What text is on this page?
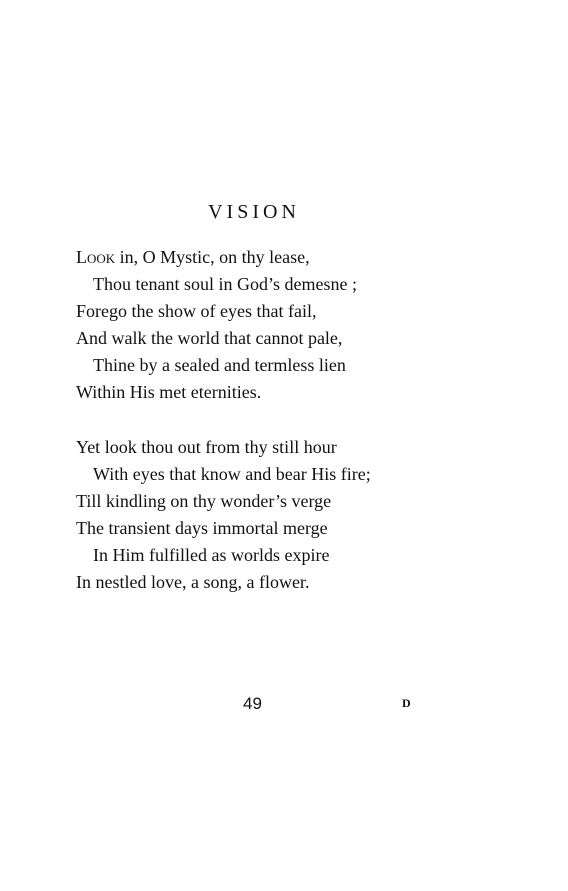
VISION
Look in, O Mystic, on thy lease,
Thou tenant soul in God’s demesne ;
Forego the show of eyes that fail,
And walk the world that cannot pale,
Thine by a sealed and termless lien
Within His met eternities.
Yet look thou out from thy still hour
With eyes that know and bear His fire;
Till kindling on thy wonder’s verge
The transient days immortal merge
In Him fulfilled as worlds expire
In nestled love, a song, a flower.
49	D
